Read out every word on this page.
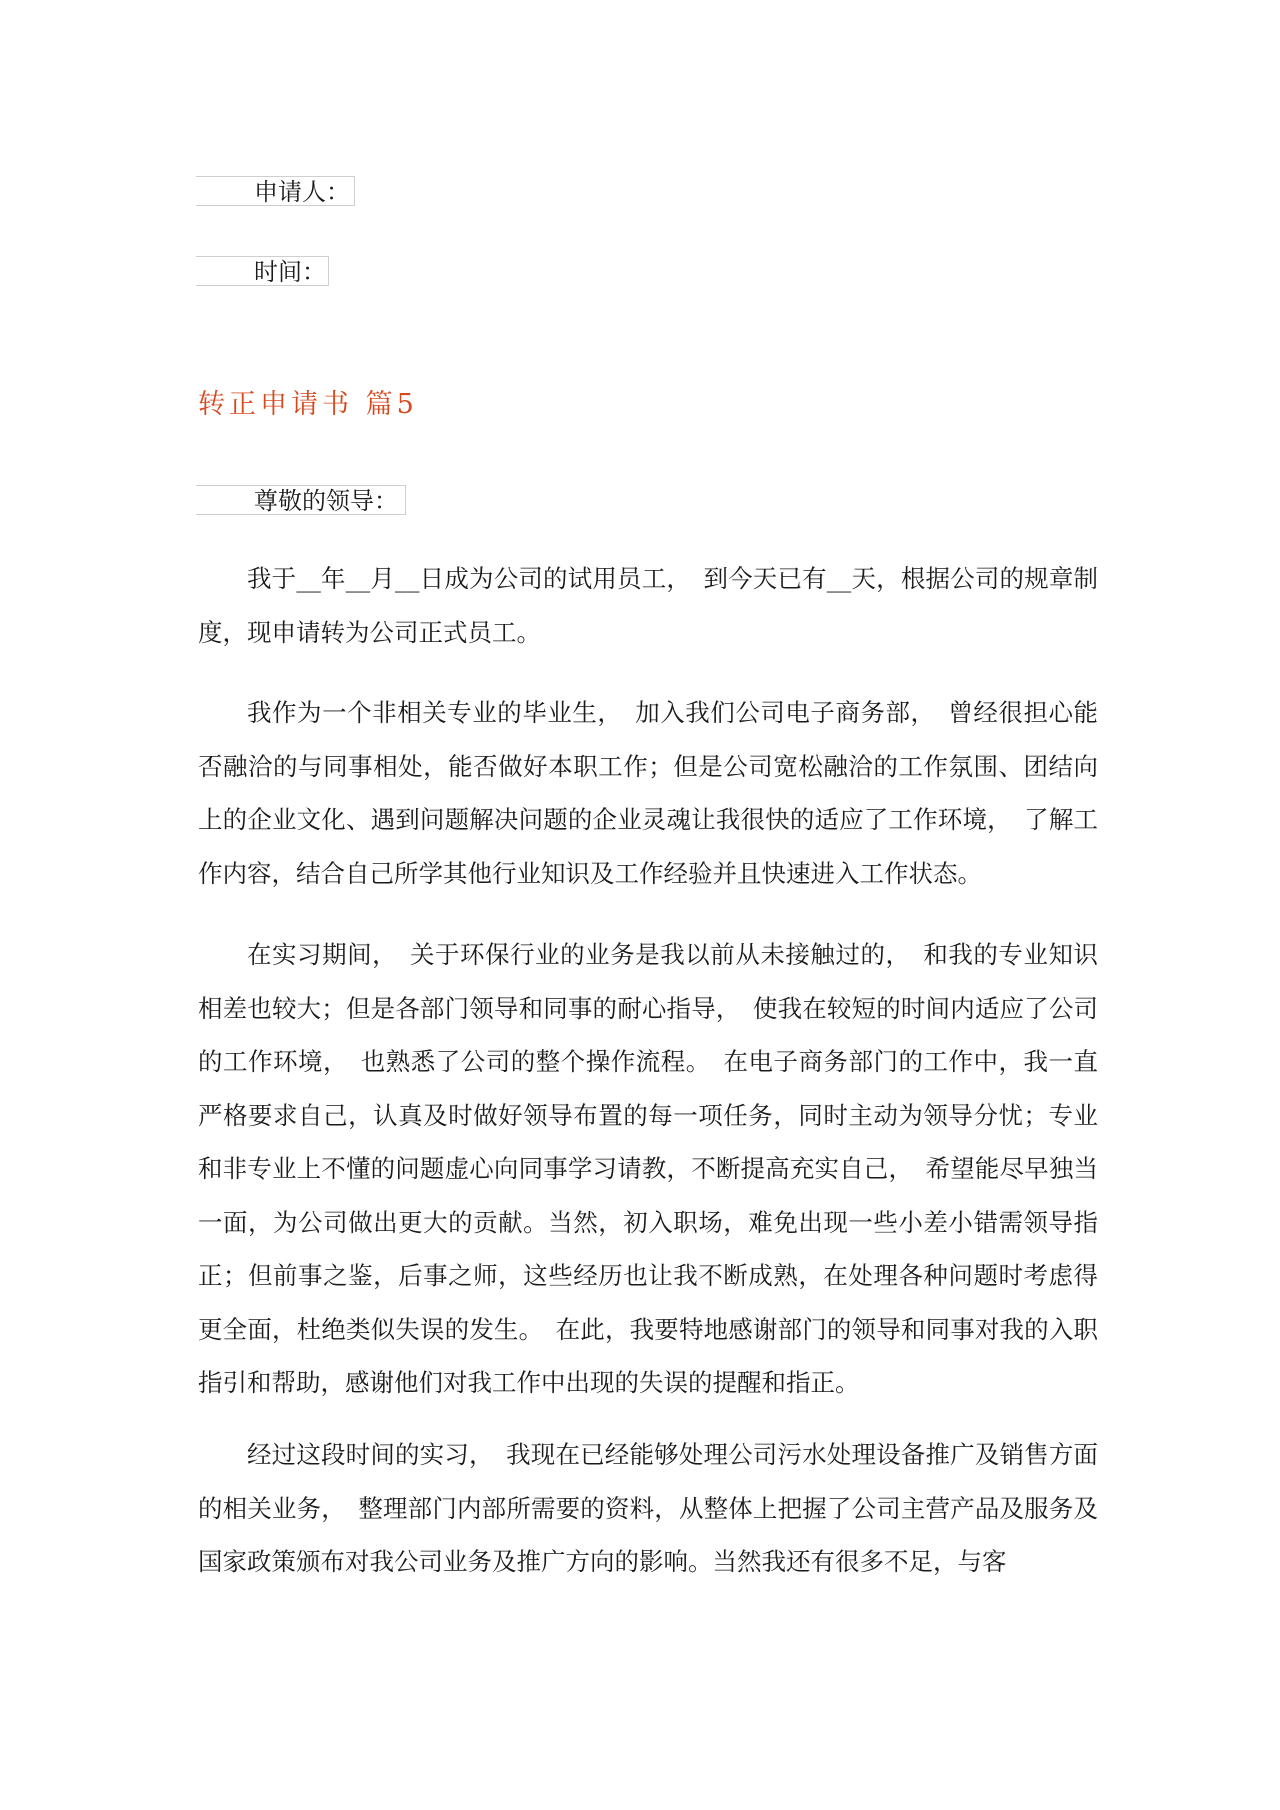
申请人：
时间：
转正申请书 篇5
尊敬的领导：

我于__年__月__日成为公司的试用员工，　到今天已有__天，根据公司的规章制度，现申请转为公司正式员工。

我作为一个非相关专业的毕业生，　加入我们公司电子商务部，　曾经很担心能否融洽的与同事相处，能否做好本职工作；但是公司宽松融洽的工作氛围、团结向上的企业文化、遇到问题解决问题的企业灵魂让我很快的适应了工作环境，　了解工作内容，结合自己所学其他行业知识及工作经验并且快速进入工作状态。

在实习期间，　关于环保行业的业务是我以前从未接触过的，　和我的专业知识相差也较大；但是各部门领导和同事的耐心指导，　使我在较短的时间内适应了公司的工作环境，　也熟悉了公司的整个操作流程。　在电子商务部门的工作中，我一直严格要求自己，认真及时做好领导布置的每一项任务，同时主动为领导分忧；专业和非专业上不懂的问题虚心向同事学习请教，不断提高充实自己，　希望能尽早独当一面，为公司做出更大的贡献。当然，初入职场，难免出现一些小差小错需领导指正；但前事之鉴，后事之师，这些经历也让我不断成熟，在处理各种问题时考虑得更全面，杜绝类似失误的发生。　在此，我要特地感谢部门的领导和同事对我的入职指引和帮助，感谢他们对我工作中出现的失误的提醒和指正。

经过这段时间的实习，　我现在已经能够处理公司污水处理设备推广及销售方面的相关业务，　整理部门内部所需要的资料，从整体上把握了公司主营产品及服务及国家政策颁布对我公司业务及推广方向的影响。当然我还有很多不足，与客
